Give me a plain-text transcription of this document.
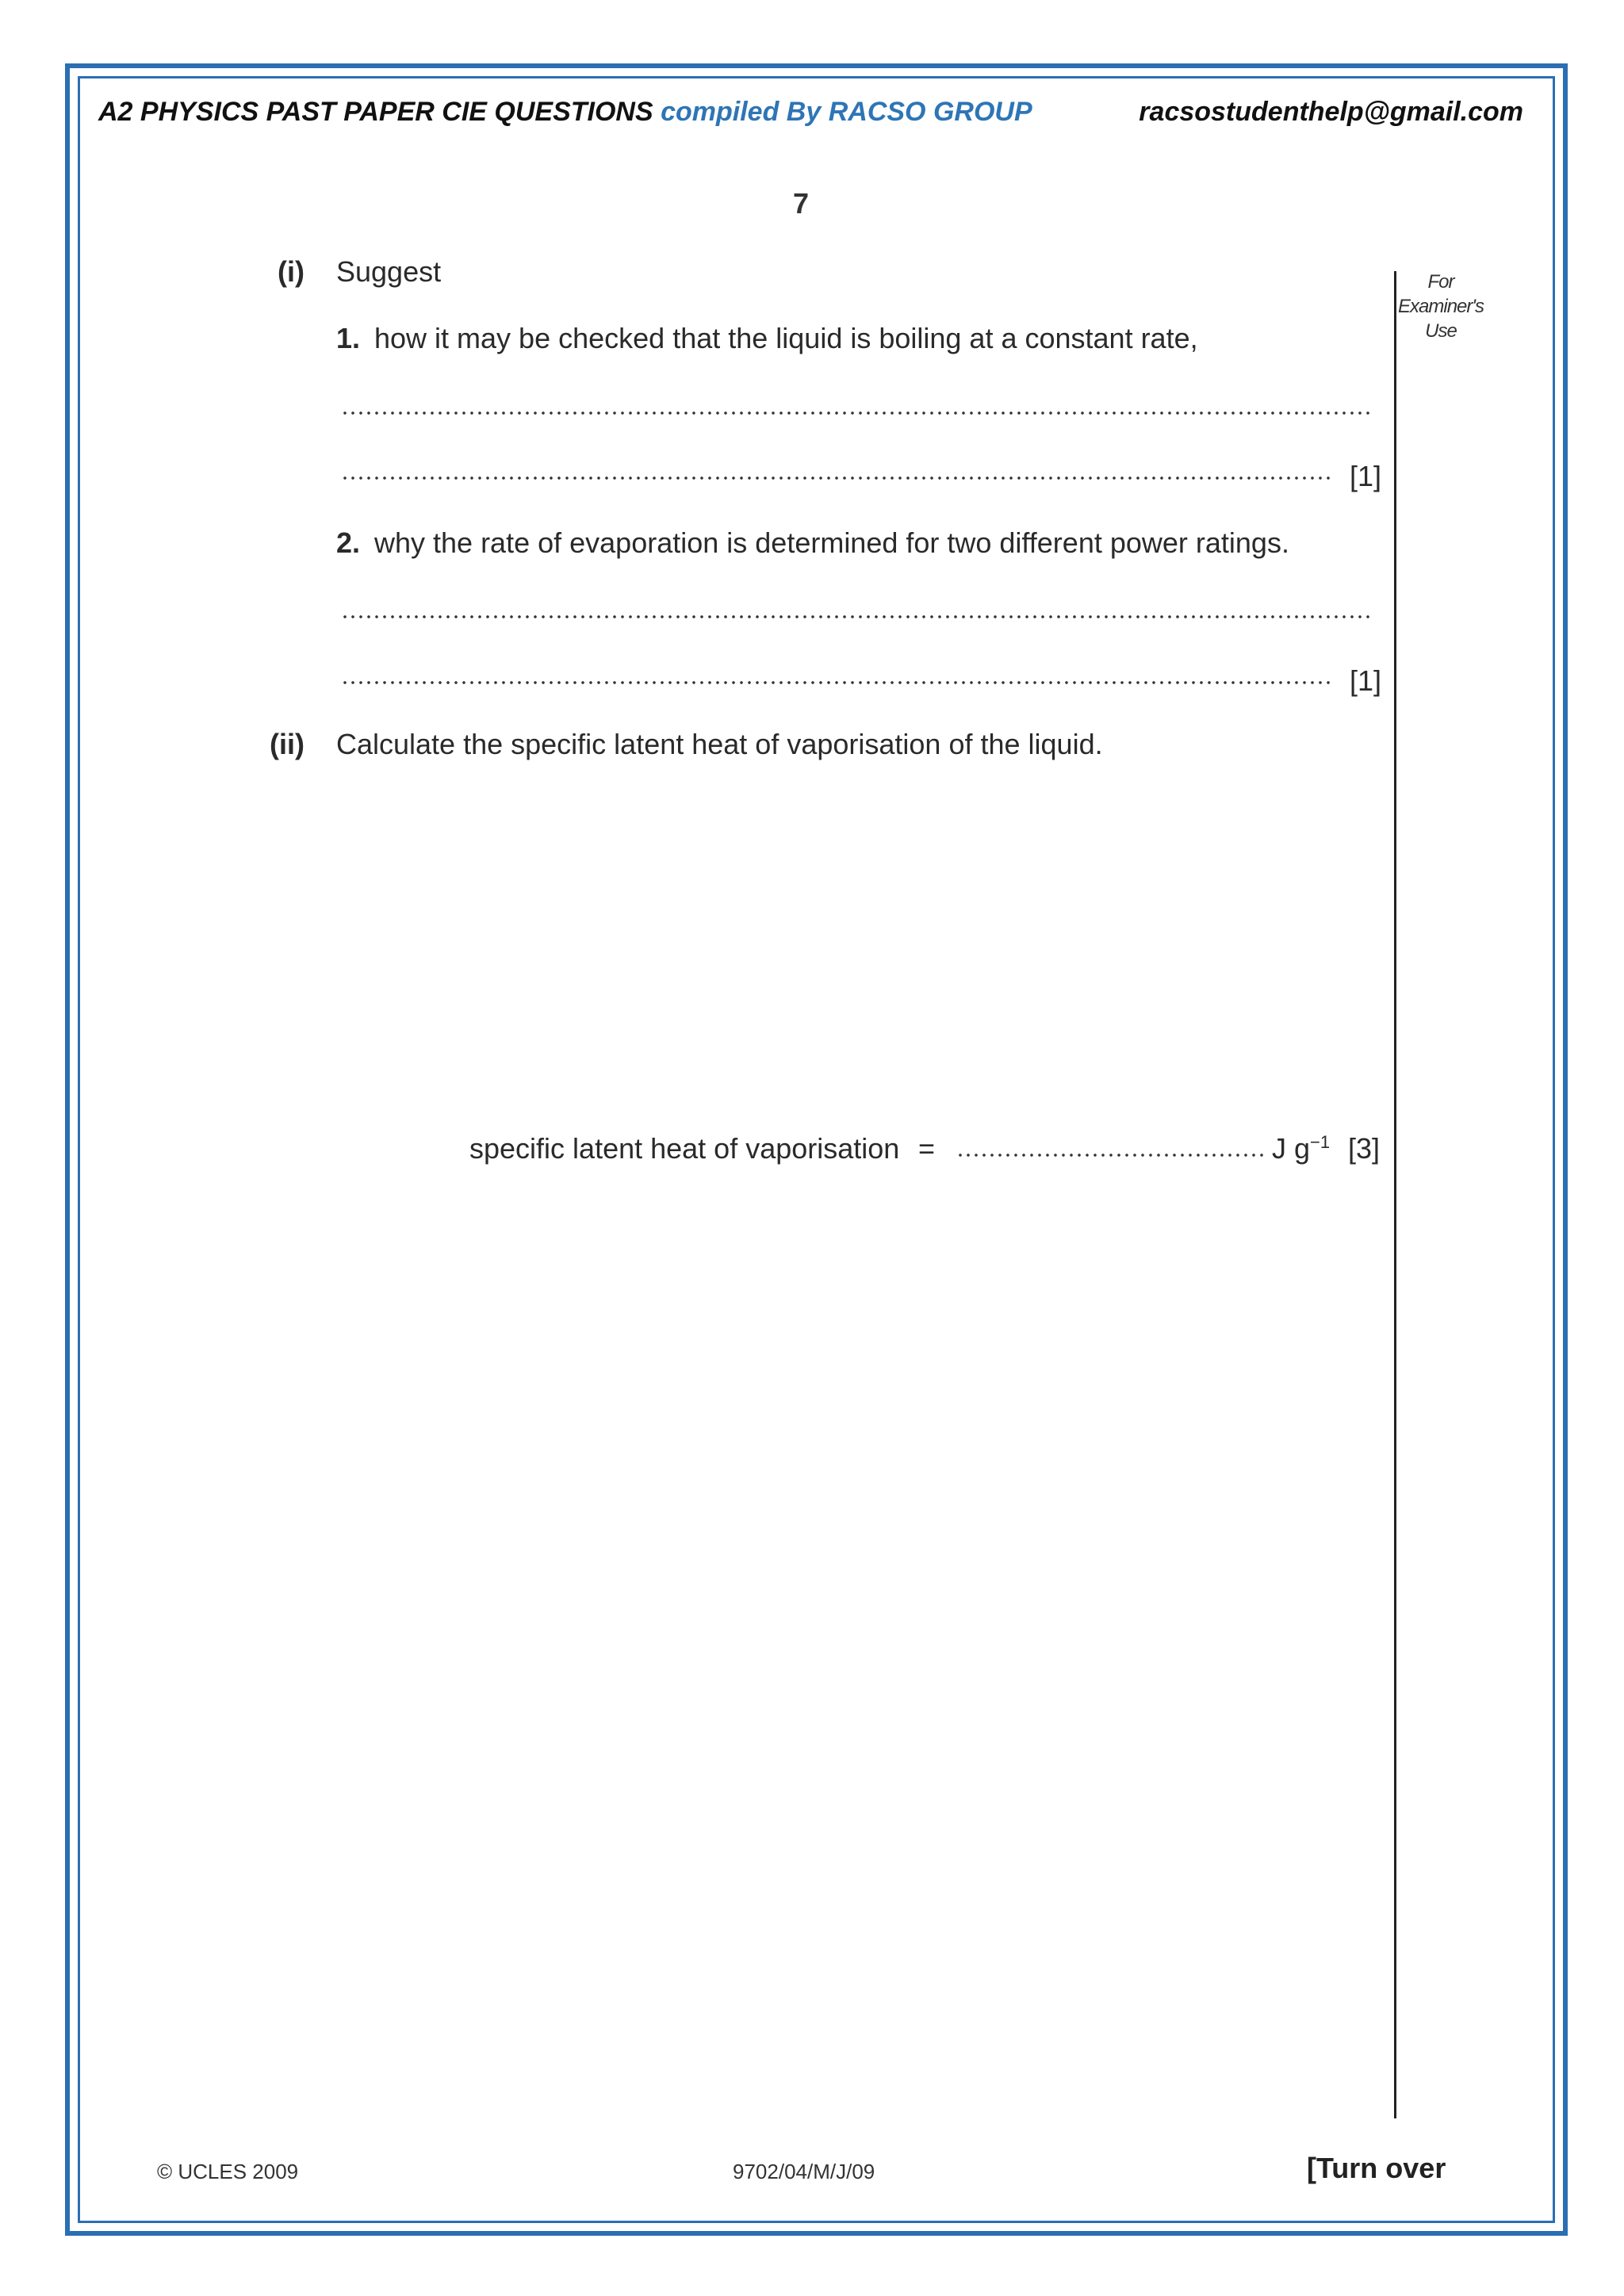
A2 PHYSICS PAST PAPER CIE QUESTIONS compiled By RACSO GROUP	racsostudenthelp@gmail.com
7
For
Examiner's
Use
(i) Suggest
1. how it may be checked that the liquid is boiling at a constant rate,
[1]
2. why the rate of evaporation is determined for two different power ratings.
[1]
(ii) Calculate the specific latent heat of vaporisation of the liquid.
specific latent heat of vaporisation =	J $g^{-1}$ [3]
© UCLES 2009	9702/04/M/J/09	[Turn over
